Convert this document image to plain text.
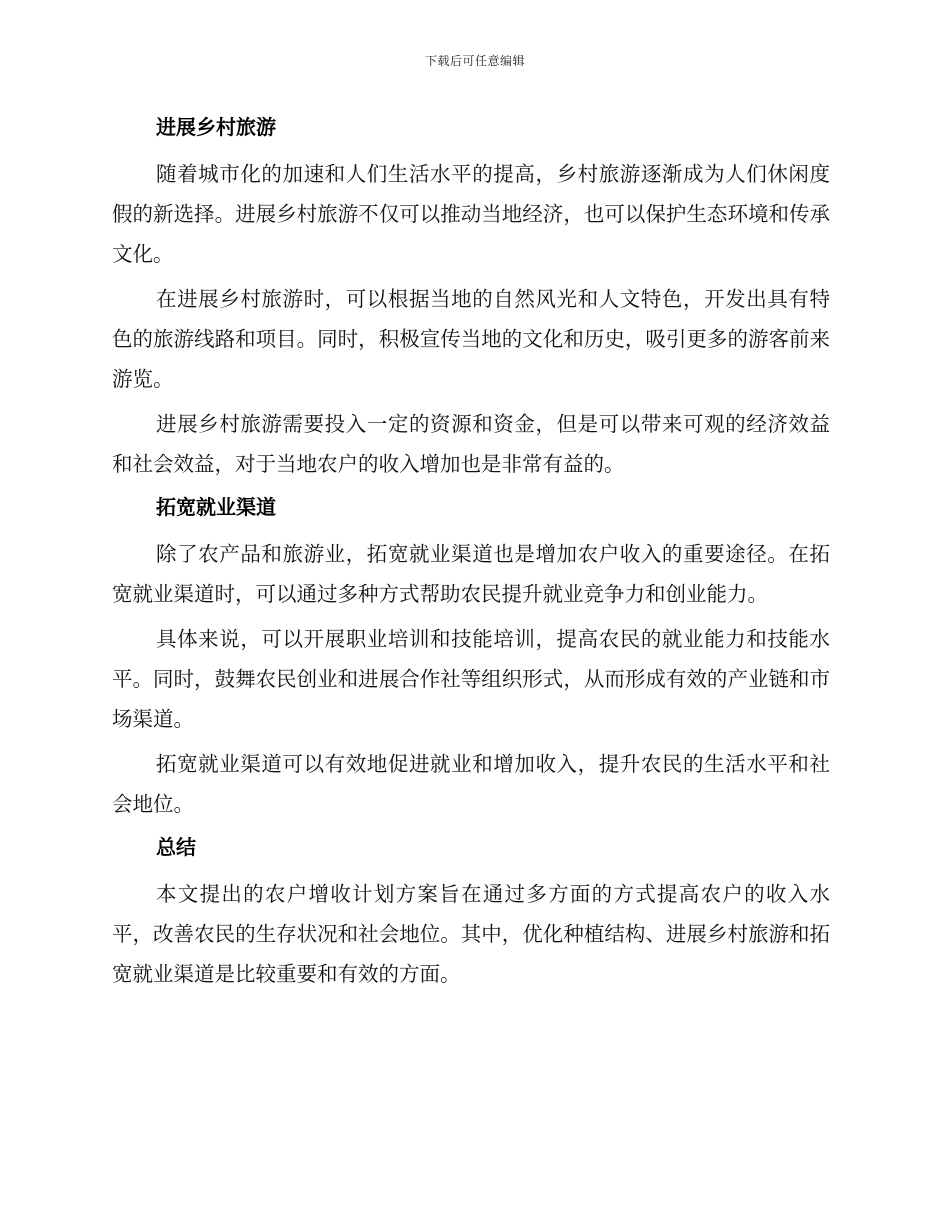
下载后可任意编辑
进展乡村旅游

随着城市化的加速和人们生活水平的提高，乡村旅游逐渐成为人们休闲度假的新选择。进展乡村旅游不仅可以推动当地经济，也可以保护生态环境和传承文化。

在进展乡村旅游时，可以根据当地的自然风光和人文特色，开发出具有特色的旅游线路和项目。同时，积极宣传当地的文化和历史，吸引更多的游客前来游览。

进展乡村旅游需要投入一定的资源和资金，但是可以带来可观的经济效益和社会效益，对于当地农户的收入增加也是非常有益的。

拓宽就业渠道

除了农产品和旅游业，拓宽就业渠道也是增加农户收入的重要途径。在拓宽就业渠道时，可以通过多种方式帮助农民提升就业竞争力和创业能力。

具体来说，可以开展职业培训和技能培训，提高农民的就业能力和技能水平。同时，鼓舞农民创业和进展合作社等组织形式，从而形成有效的产业链和市场渠道。

拓宽就业渠道可以有效地促进就业和增加收入，提升农民的生活水平和社会地位。

总结

本文提出的农户增收计划方案旨在通过多方面的方式提高农户的收入水平，改善农民的生存状况和社会地位。其中，优化种植结构、进展乡村旅游和拓宽就业渠道是比较重要和有效的方面。
